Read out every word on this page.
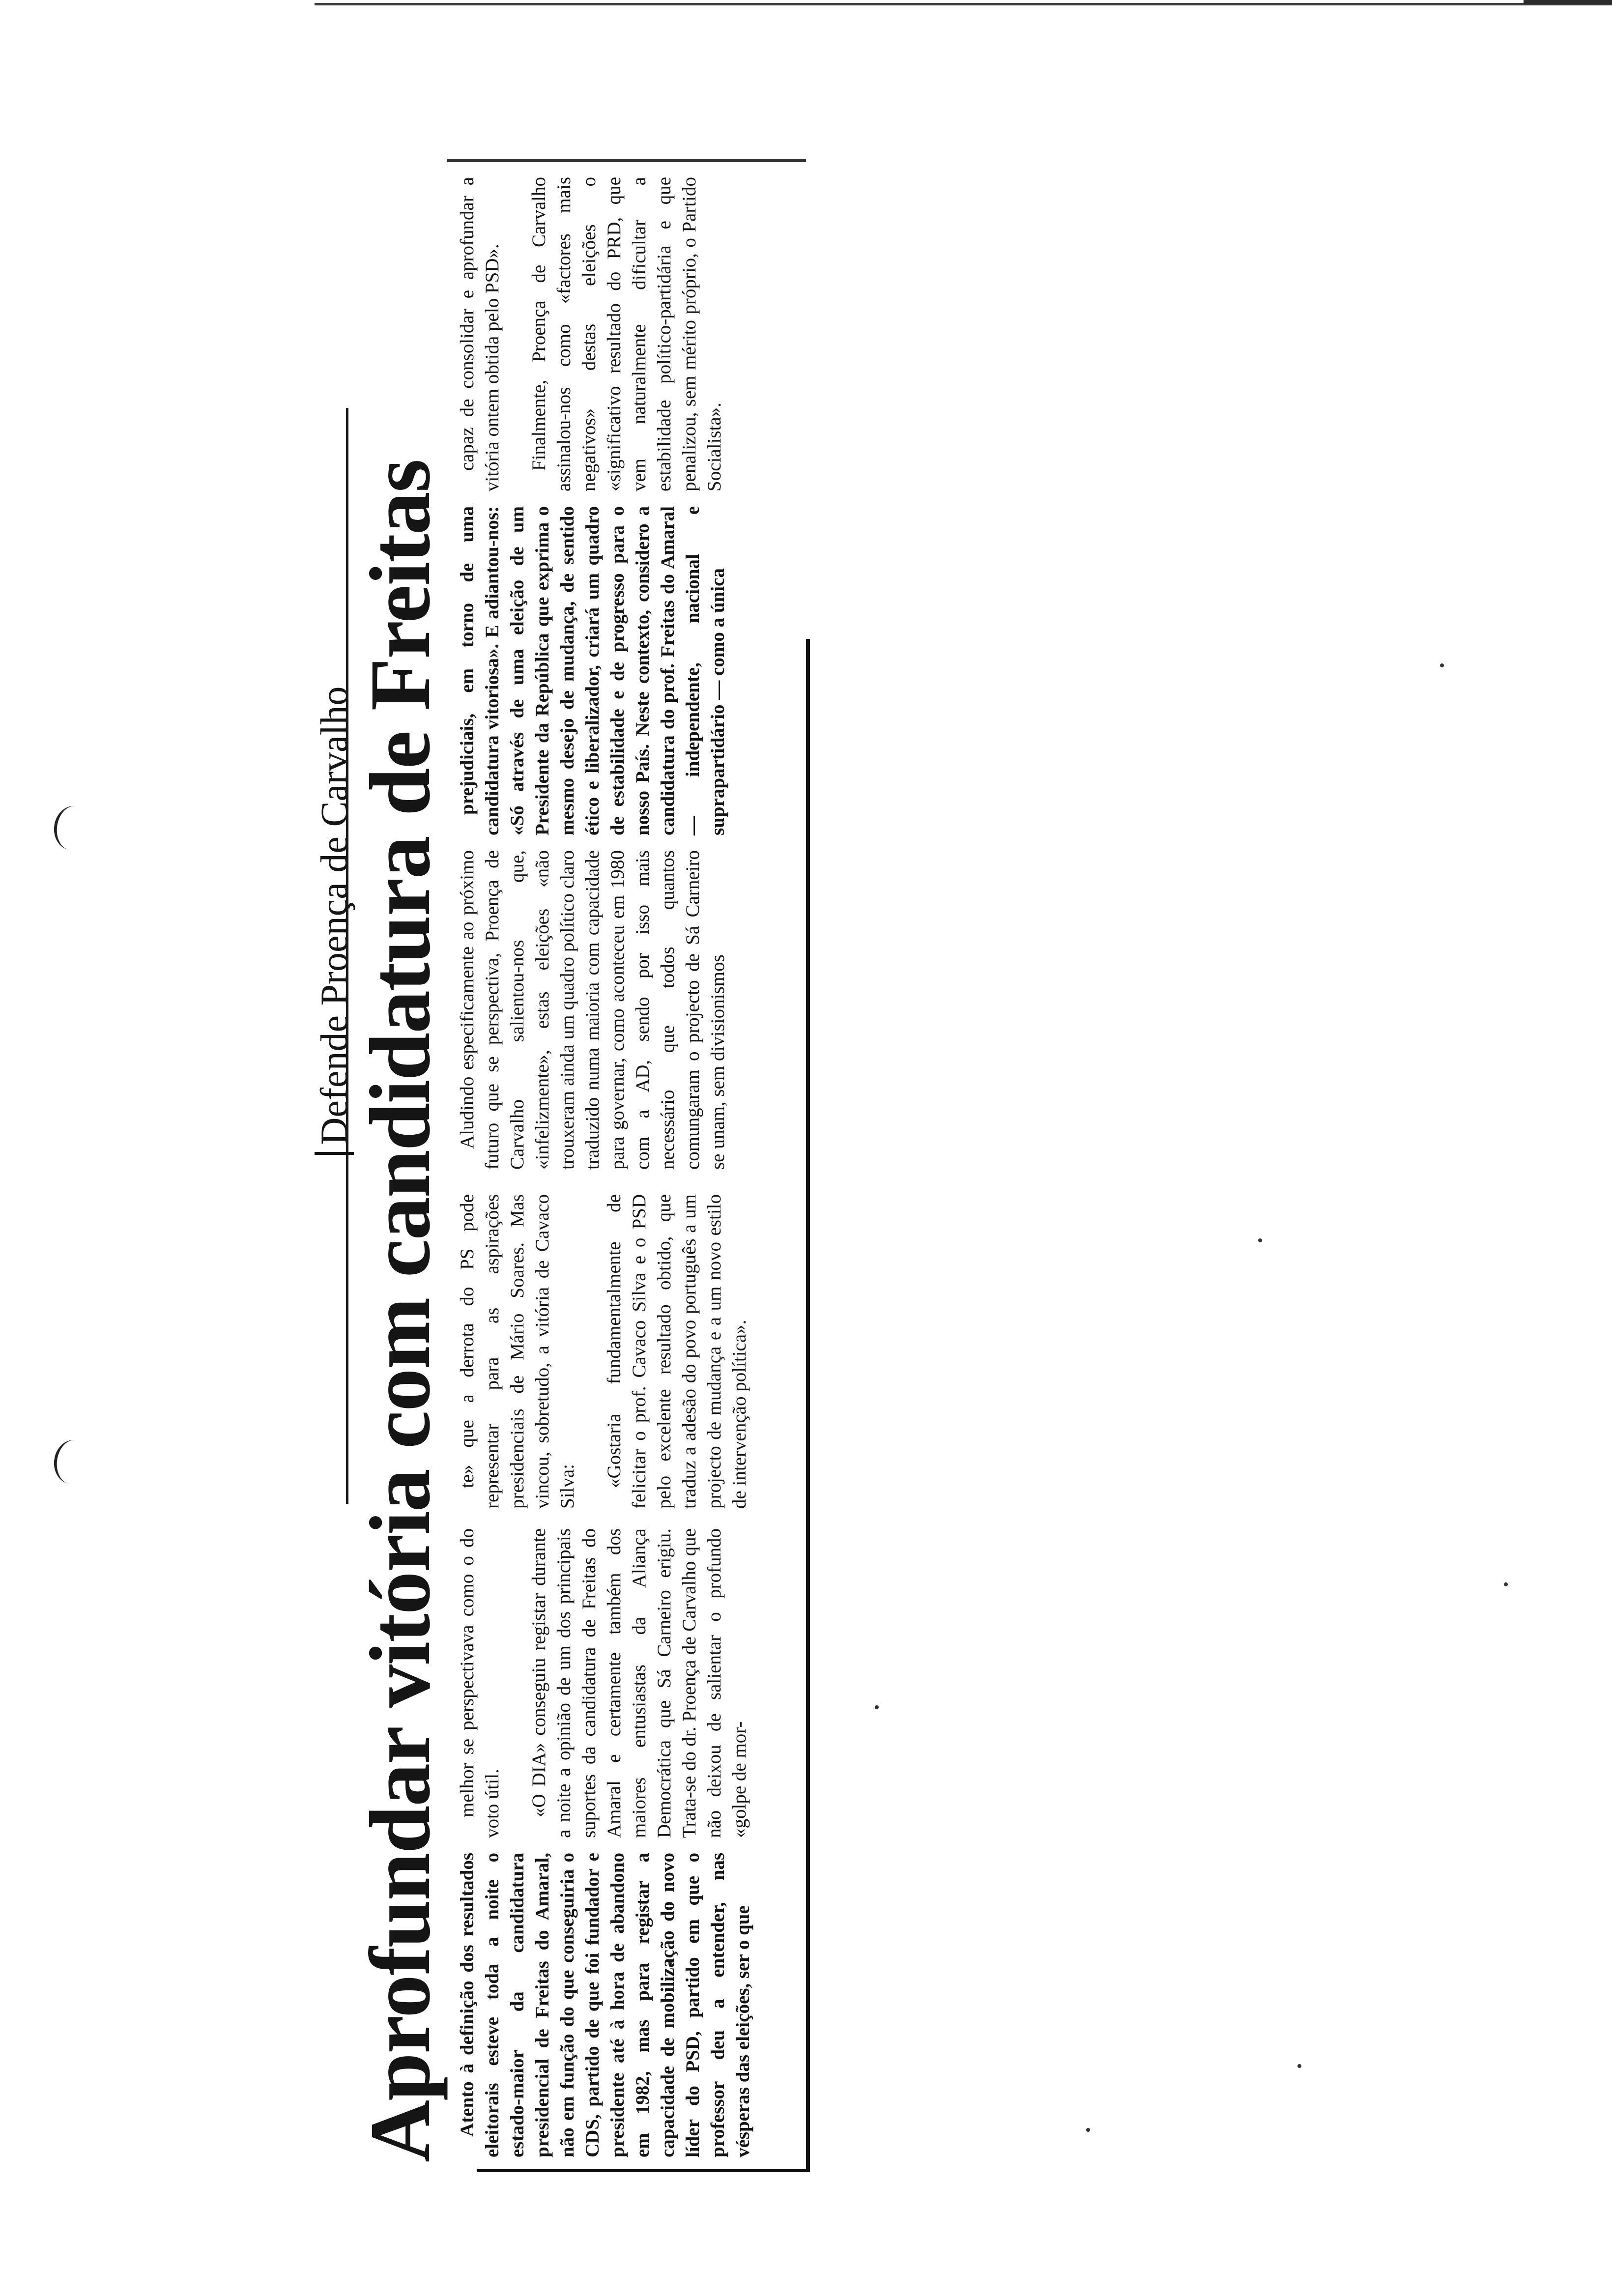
Defende Proença de Carvalho
Aprofundar vitória com candidatura de Freitas Atento à definição dos resultados eleitorais esteve toda a noite o estado-maior da candidatura presidencial de Freitas do Amaral, não em função do que conseguiria o CDS, partido de que foi fundador e presidente até à hora de abandono em 1982, mas para registar a capacidade de mobilização do novo líder do PSD, partido em que o professor deu a entender, nas vésperas das eleições, ser o que

melhor se perspectivava como o do voto útil. «O DIA» conseguiu registar durante a noite a opinião de um dos principais suportes da candidatura de Freitas do Amaral e certamente também dos maiores entusiastas da Aliança Democrática que Sá Carneiro erigiu. Trata-se do dr. Proença de Carvalho que não deixou de salientar o profundo «golpe de mor-

te» que a derrota do PS pode representar para as aspirações presidenciais de Mário Soares. Mas vincou, sobretudo, a vitória de Cavaco Silva: «Gostaria fundamentalmente de felicitar o prof. Cavaco Silva e o PSD pelo excelente resultado obtido, que traduz a adesão do povo português a um projecto de mudança e a um novo estilo de intervenção política».

Aludindo especificamente ao próximo futuro que se perspectiva, Proença de Carvalho salientou-nos que, «infelizmente», estas eleições «não trouxeram ainda um quadro político claro traduzido numa maioria com capacidade para governar, como aconteceu em 1980 com a AD, sendo por isso mais necessário que todos quantos comungaram o projecto de Sá Carneiro se unam, sem divisionismos

prejudiciais, em torno de uma candidatura vitoriosa». E adiantou-nos: «Só através de uma eleição de um Presidente da República que exprima o mesmo desejo de mudança, de sentido ético e liberalizador, criará um quadro de estabilidade e de progresso para o nosso País. Neste contexto, considero a candidatura do prof. Freitas do Amaral — independente, nacional e suprapartidário — como a única

capaz de consolidar e aprofundar a vitória ontem obtida pelo PSD». Finalmente, Proença de Carvalho assinalou-nos como «factores mais negativos» destas eleições o «significativo resultado do PRD, que vem naturalmente dificultar a estabilidade político-partidária e que penalizou, sem mérito próprio, o Partido Socialista».
